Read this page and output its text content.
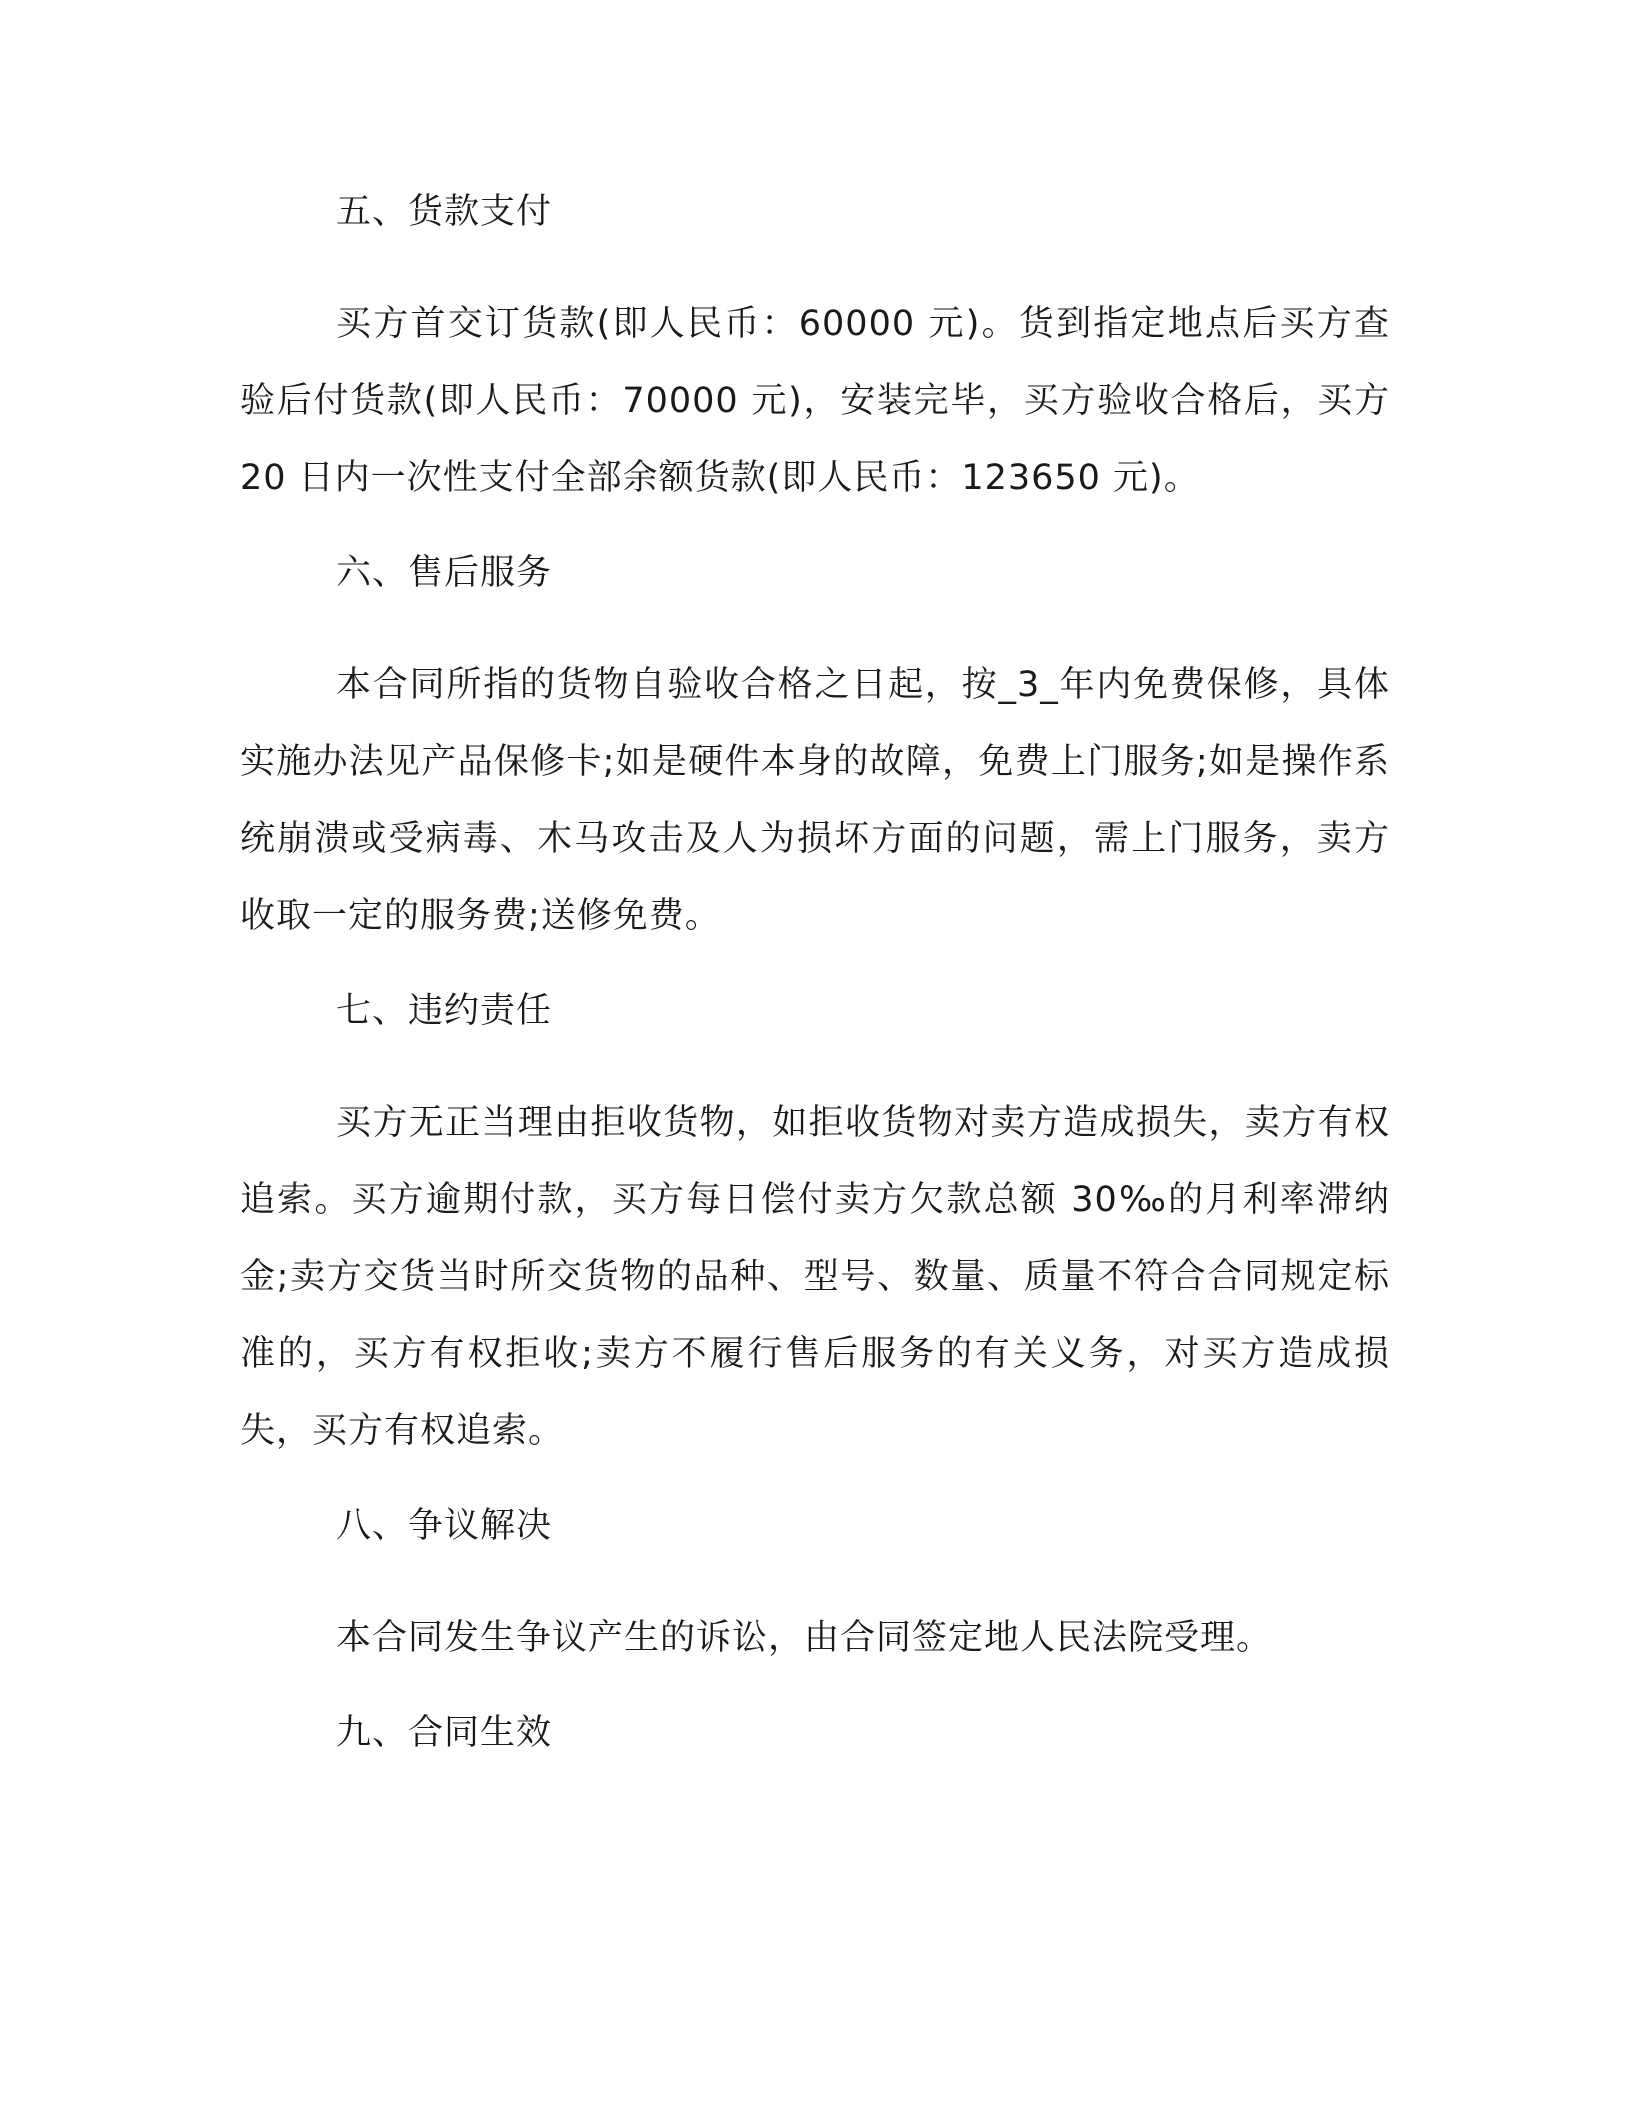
五、货款支付

买方首交订货款(即人民币：60000 元)。货到指定地点后买方查验后付货款(即人民币：70000 元)，安装完毕，买方验收合格后，买方 20 日内一次性支付全部余额货款(即人民币：123650 元)。

六、售后服务

本合同所指的货物自验收合格之日起，按_3_年内免费保修，具体实施办法见产品保修卡;如是硬件本身的故障，免费上门服务;如是操作系统崩溃或受病毒、木马攻击及人为损坏方面的问题，需上门服务，卖方收取一定的服务费;送修免费。

七、违约责任

买方无正当理由拒收货物，如拒收货物对卖方造成损失，卖方有权追索。买方逾期付款，买方每日偿付卖方欠款总额 30‰的月利率滞纳金;卖方交货当时所交货物的品种、型号、数量、质量不符合合同规定标准的，买方有权拒收;卖方不履行售后服务的有关义务，对买方造成损失，买方有权追索。

八、争议解决

本合同发生争议产生的诉讼，由合同签定地人民法院受理。

九、合同生效
